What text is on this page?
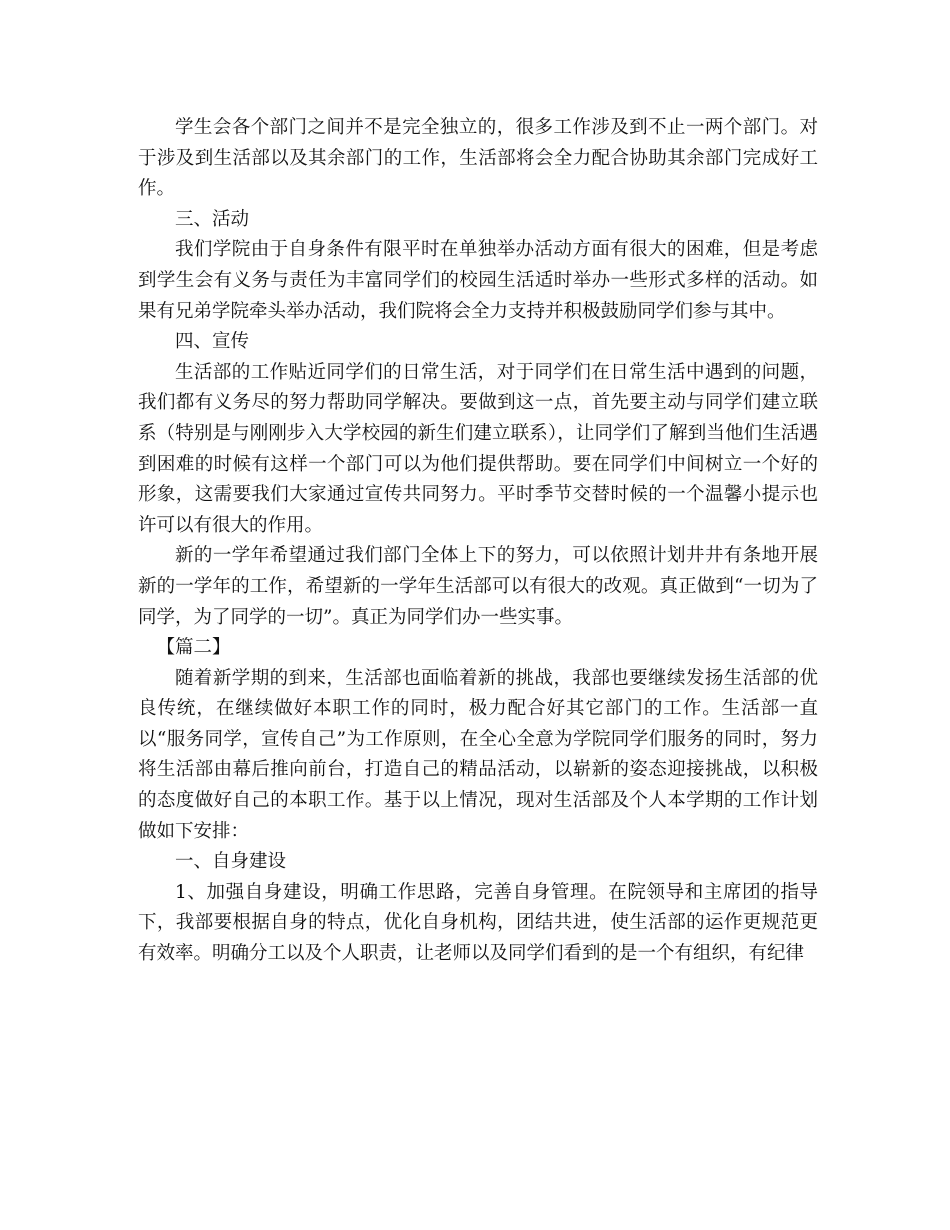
学生会各个部门之间并不是完全独立的，很多工作涉及到不止一两个部门。对于涉及到生活部以及其余部门的工作，生活部将会全力配合协助其余部门完成好工作。

三、活动

我们学院由于自身条件有限平时在单独举办活动方面有很大的困难，但是考虑到学生会有义务与责任为丰富同学们的校园生活适时举办一些形式多样的活动。如果有兄弟学院牵头举办活动，我们院将会全力支持并积极鼓励同学们参与其中。

四、宣传

生活部的工作贴近同学们的日常生活，对于同学们在日常生活中遇到的问题，我们都有义务尽的努力帮助同学解决。要做到这一点，首先要主动与同学们建立联系（特别是与刚刚步入大学校园的新生们建立联系），让同学们了解到当他们生活遇到困难的时候有这样一个部门可以为他们提供帮助。要在同学们中间树立一个好的形象，这需要我们大家通过宣传共同努力。平时季节交替时候的一个温馨小提示也许可以有很大的作用。

新的一学年希望通过我们部门全体上下的努力，可以依照计划井井有条地开展新的一学年的工作，希望新的一学年生活部可以有很大的改观。真正做到“一切为了同学，为了同学的一切”。真正为同学们办一些实事。

【篇二】

随着新学期的到来，生活部也面临着新的挑战，我部也要继续发扬生活部的优良传统，在继续做好本职工作的同时，极力配合好其它部门的工作。生活部一直以“服务同学，宣传自己”为工作原则，在全心全意为学院同学们服务的同时，努力将生活部由幕后推向前台，打造自己的精品活动，以崭新的姿态迎接挑战，以积极的态度做好自己的本职工作。基于以上情况，现对生活部及个人本学期的工作计划做如下安排：

一、自身建设

1、加强自身建设，明确工作思路，完善自身管理。在院领导和主席团的指导下，我部要根据自身的特点，优化自身机构，团结共进，使生活部的运作更规范更有效率。明确分工以及个人职责，让老师以及同学们看到的是一个有组织，有纪律
